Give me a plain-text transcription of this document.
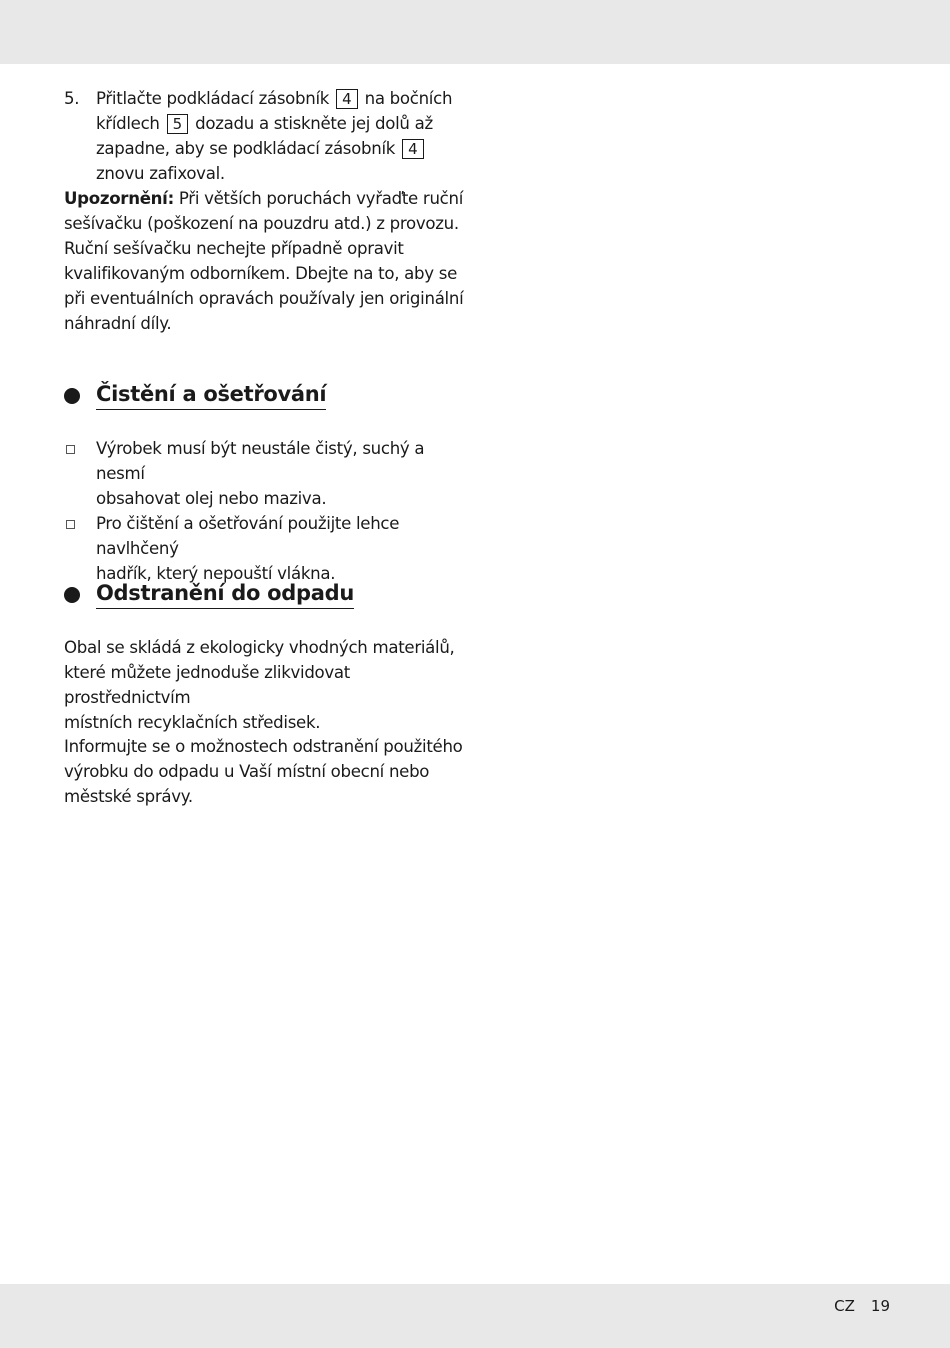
5. Přitlačte podkládací zásobník 4 na bočních
křídlech 5 dozadu a stiskněte jej dolů až
zapadne, aby se podkládací zásobník 4
znovu zafixoval.
Upozornění: Při větších poruchách vyřaďte ruční
sešívačku (poškození na pouzdru atd.) z provozu.
Ruční sešívačku nechejte případně opravit
kvalifikovaným odborníkem. Dbejte na to, aby se
při eventuálních opravách používaly jen originální
náhradní díly.
Čistění a ošetřování
Výrobek musí být neustále čistý, suchý a nesmí
obsahovat olej nebo maziva.
Pro čištění a ošetřování použijte lehce navlhčený
hadřík, který nepouští vlákna.
Odstranění do odpadu
Obal se skládá z ekologicky vhodných materiálů,
které můžete jednoduše zlikvidovat prostřednictvím
místních recyklačních středisek.
Informujte se o možnostech odstranění použitého
výrobku do odpadu u Vaší místní obecní nebo
městské správy.
CZ 19
